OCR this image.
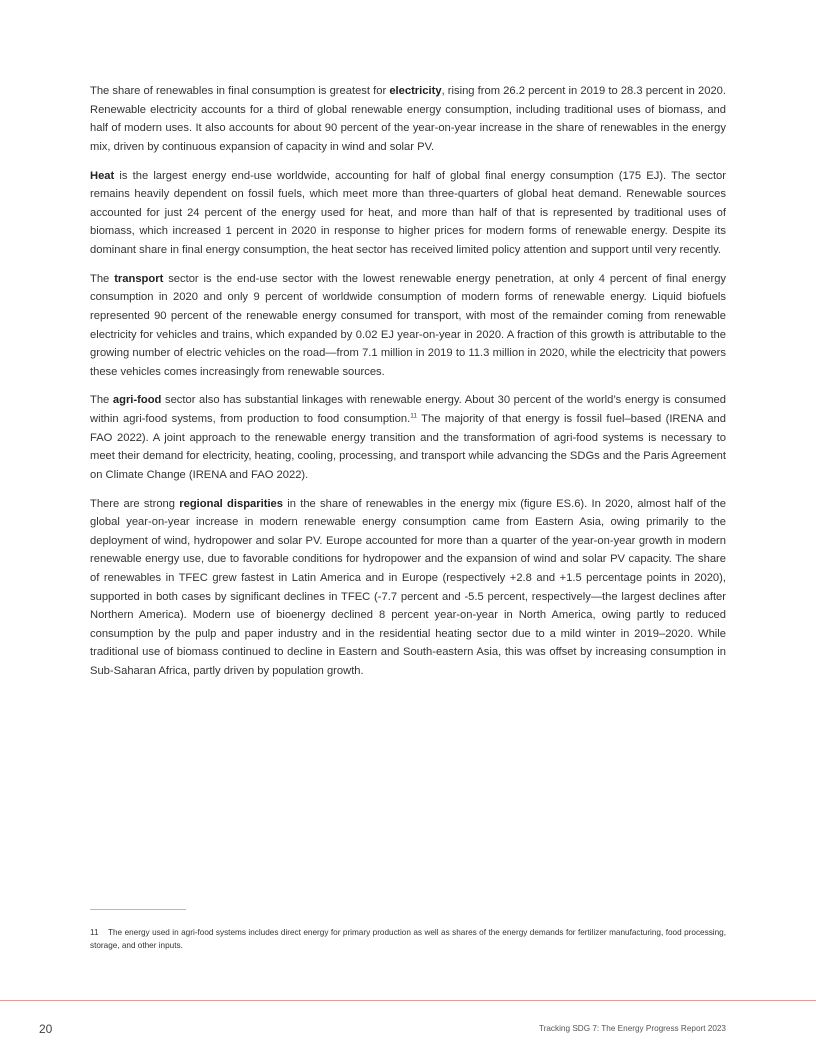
The share of renewables in final consumption is greatest for electricity, rising from 26.2 percent in 2019 to 28.3 percent in 2020. Renewable electricity accounts for a third of global renewable energy consumption, including traditional uses of biomass, and half of modern uses. It also accounts for about 90 percent of the year-on-year increase in the share of renewables in the energy mix, driven by continuous expansion of capacity in wind and solar PV.

Heat is the largest energy end-use worldwide, accounting for half of global final energy consumption (175 EJ). The sector remains heavily dependent on fossil fuels, which meet more than three-quarters of global heat demand. Renewable sources accounted for just 24 percent of the energy used for heat, and more than half of that is represented by traditional uses of biomass, which increased 1 percent in 2020 in response to higher prices for modern forms of renewable energy. Despite its dominant share in final energy consumption, the heat sector has received limited policy attention and support until very recently.

The transport sector is the end-use sector with the lowest renewable energy penetration, at only 4 percent of final energy consumption in 2020 and only 9 percent of worldwide consumption of modern forms of renewable energy. Liquid biofuels represented 90 percent of the renewable energy consumed for transport, with most of the remainder coming from renewable electricity for vehicles and trains, which expanded by 0.02 EJ year-on-year in 2020. A fraction of this growth is attributable to the growing number of electric vehicles on the road—from 7.1 million in 2019 to 11.3 million in 2020, while the electricity that powers these vehicles comes increasingly from renewable sources.

The agri-food sector also has substantial linkages with renewable energy. About 30 percent of the world’s energy is consumed within agri-food systems, from production to food consumption.$^{11}$ The majority of that energy is fossil fuel–based (IRENA and FAO 2022). A joint approach to the renewable energy transition and the transformation of agri-food systems is necessary to meet their demand for electricity, heating, cooling, processing, and transport while advancing the SDGs and the Paris Agreement on Climate Change (IRENA and FAO 2022).

There are strong regional disparities in the share of renewables in the energy mix (figure ES.6). In 2020, almost half of the global year-on-year increase in modern renewable energy consumption came from Eastern Asia, owing primarily to the deployment of wind, hydropower and solar PV. Europe accounted for more than a quarter of the year-on-year growth in modern renewable energy use, due to favorable conditions for hydropower and the expansion of wind and solar PV capacity. The share of renewables in TFEC grew fastest in Latin America and in Europe (respectively +2.8 and +1.5 percentage points in 2020), supported in both cases by significant declines in TFEC (-7.7 percent and -5.5 percent, respectively—the largest declines after Northern America). Modern use of bioenergy declined 8 percent year-on-year in North America, owing partly to reduced consumption by the pulp and paper industry and in the residential heating sector due to a mild winter in 2019–2020. While traditional use of biomass continued to decline in Eastern and South-eastern Asia, this was offset by increasing consumption in Sub-Saharan Africa, partly driven by population growth.

11 The energy used in agri-food systems includes direct energy for primary production as well as shares of the energy demands for fertilizer manufacturing, food processing, storage, and other inputs.
20	Tracking SDG 7: The Energy Progress Report 2023
